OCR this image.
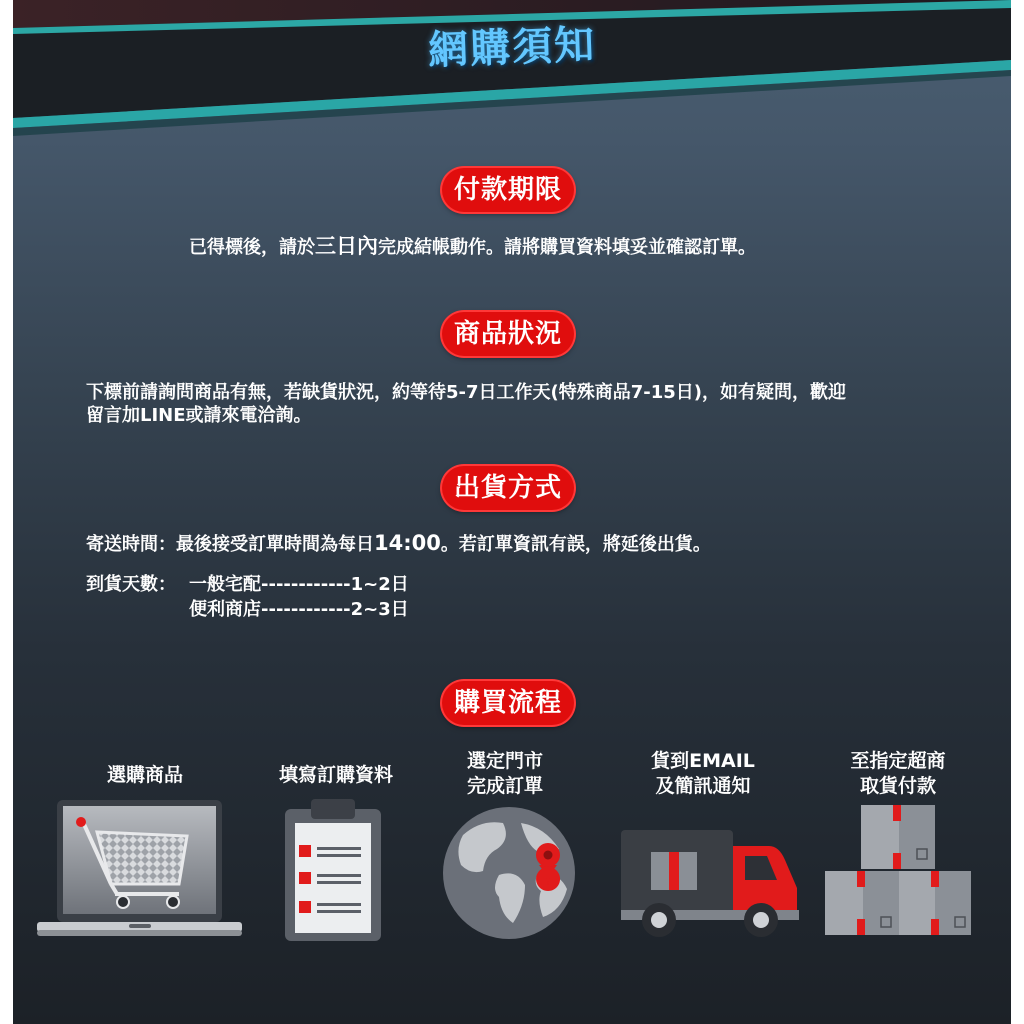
網購須知
付款期限
已得標後，請於三日內完成結帳動作。請將購買資料填妥並確認訂單。
商品狀況
下標前請詢問商品有無，若缺貨狀況，約等待5-7日工作天(特殊商品7-15日)，如有疑問，歡迎
留言加LINE或請來電洽詢。
出貨方式
寄送時間：最後接受訂單時間為每日14:00。若訂單資訊有誤，將延後出貨。
到貨天數： 一般宅配------------1~2日
便利商店------------2~3日
購買流程
選購商品	填寫訂購資料
選定門市
完成訂單
貨到EMAIL
及簡訊通知
至指定超商
取貨付款
